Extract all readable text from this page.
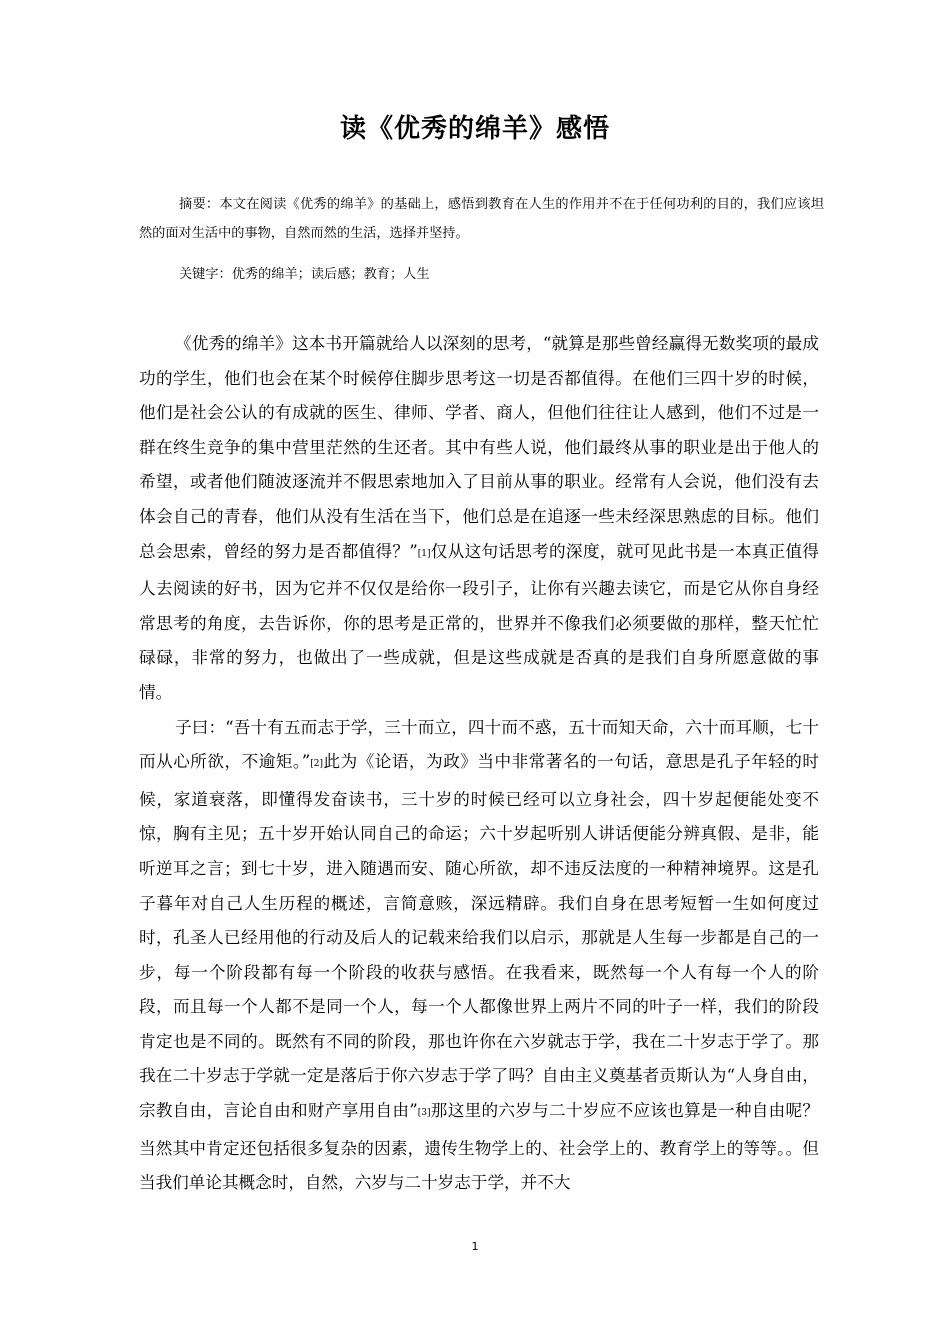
读《优秀的绵羊》感悟

摘要：本文在阅读《优秀的绵羊》的基础上，感悟到教育在人生的作用并不在于任何功利的目的，我们应该坦然的面对生活中的事物，自然而然的生活，选择并坚持。

关键字：优秀的绵羊；读后感；教育；人生

《优秀的绵羊》这本书开篇就给人以深刻的思考，“就算是那些曾经赢得无数奖项的最成功的学生，他们也会在某个时候停住脚步思考这一切是否都值得。在他们三四十岁的时候，他们是社会公认的有成就的医生、律师、学者、商人，但他们往往让人感到，他们不过是一群在终生竞争的集中营里茫然的生还者。其中有些人说，他们最终从事的职业是出于他人的希望，或者他们随波逐流并不假思索地加入了目前从事的职业。经常有人会说，他们没有去体会自己的青春，他们从没有生活在当下，他们总是在追逐一些未经深思熟虑的目标。他们总会思索，曾经的努力是否都值得？”[1]仅从这句话思考的深度，就可见此书是一本真正值得人去阅读的好书，因为它并不仅仅是给你一段引子，让你有兴趣去读它，而是它从你自身经常思考的角度，去告诉你，你的思考是正常的，世界并不像我们必须要做的那样，整天忙忙碌碌，非常的努力，也做出了一些成就，但是这些成就是否真的是我们自身所愿意做的事情。

子曰：“吾十有五而志于学，三十而立，四十而不惑，五十而知天命，六十而耳顺，七十而从心所欲，不逾矩。”[2]此为《论语，为政》当中非常著名的一句话，意思是孔子年轻的时候，家道衰落，即懂得发奋读书，三十岁的时候已经可以立身社会，四十岁起便能处变不惊，胸有主见；五十岁开始认同自己的命运；六十岁起听别人讲话便能分辨真假、是非，能听逆耳之言；到七十岁，进入随遇而安、随心所欲，却不违反法度的一种精神境界。这是孔子暮年对自己人生历程的概述，言简意赅，深远精辟。我们自身在思考短暂一生如何度过时，孔圣人已经用他的行动及后人的记载来给我们以启示，那就是人生每一步都是自己的一步，每一个阶段都有每一个阶段的收获与感悟。在我看来，既然每一个人有每一个人的阶段，而且每一个人都不是同一个人，每一个人都像世界上两片不同的叶子一样，我们的阶段肯定也是不同的。既然有不同的阶段，那也许你在六岁就志于学，我在二十岁志于学了。那我在二十岁志于学就一定是落后于你六岁志于学了吗？自由主义奠基者贡斯认为“人身自由，宗教自由，言论自由和财产享用自由”[3]那这里的六岁与二十岁应不应该也算是一种自由呢？当然其中肯定还包括很多复杂的因素，遗传生物学上的、社会学上的、教育学上的等等。。但当我们单论其概念时，自然，六岁与二十岁志于学，并不大

1
